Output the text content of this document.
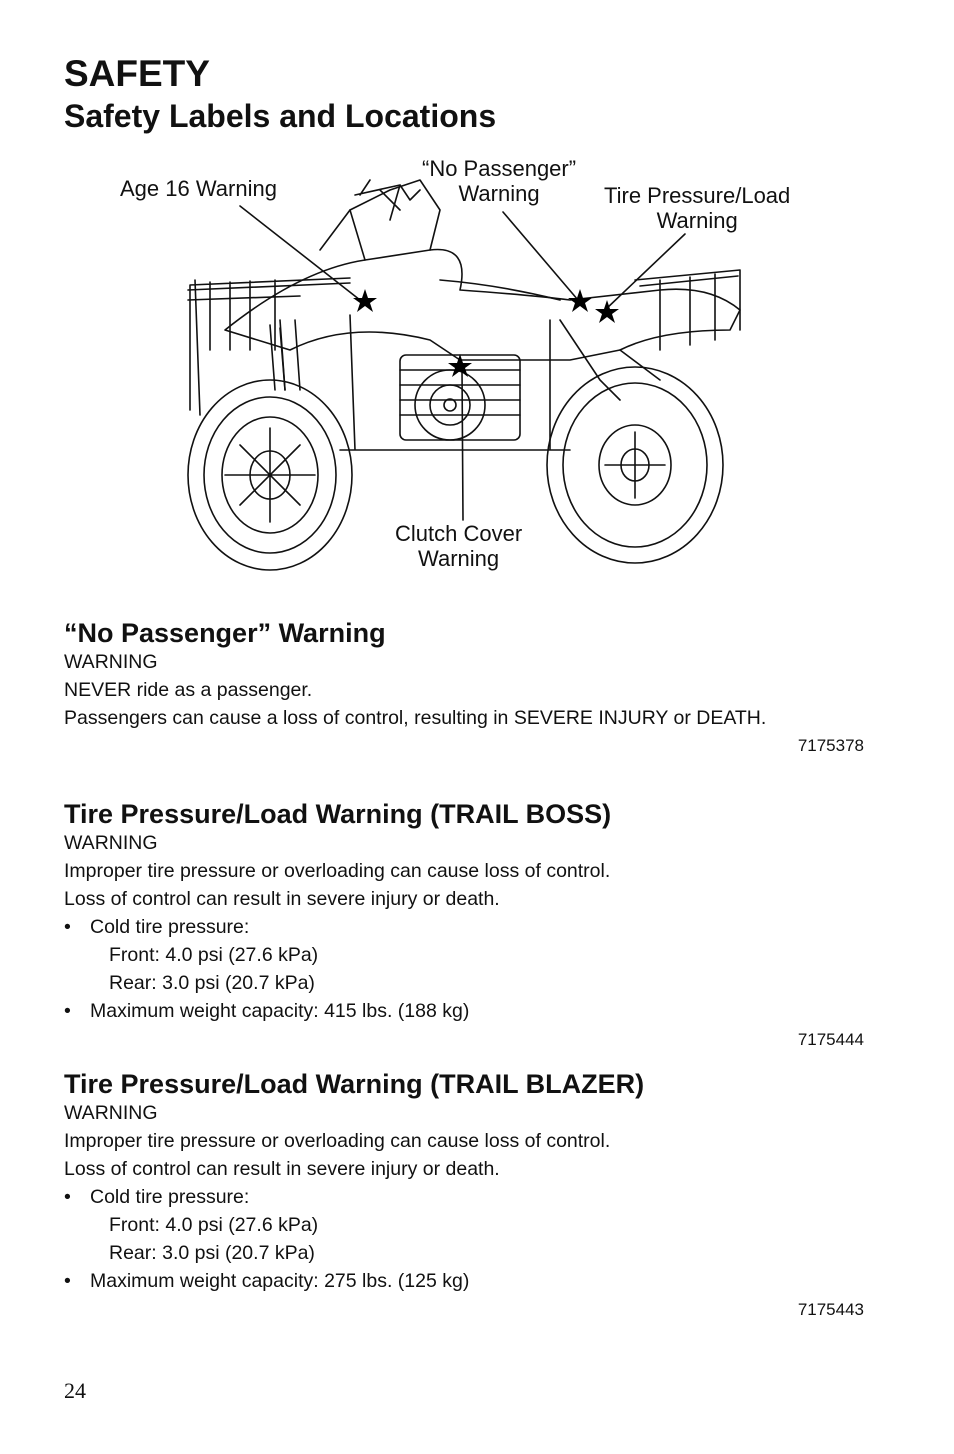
SAFETY
Safety Labels and Locations
Age 16 Warning
“No Passenger”
Warning	Tire Pressure/Load
Warning
Clutch Cover
Warning
“No Passenger” Warning

WARNING

NEVER ride as a passenger.

Passengers can cause a loss of control, resulting in SEVERE INJURY or DEATH.

7175378
Tire Pressure/Load Warning (TRAIL BOSS)

WARNING

Improper tire pressure or overloading can cause loss of control.

Loss of control can result in severe injury or death.

• Cold tire pressure:
Front: 4.0 psi (27.6 kPa)
Rear: 3.0 psi (20.7 kPa)
• Maximum weight capacity: 415 lbs. (188 kg)
7175444
Tire Pressure/Load Warning (TRAIL BLAZER)

WARNING

Improper tire pressure or overloading can cause loss of control.

Loss of control can result in severe injury or death.

• Cold tire pressure:
Front: 4.0 psi (27.6 kPa)
Rear: 3.0 psi (20.7 kPa)
• Maximum weight capacity: 275 lbs. (125 kg)
7175443
24
